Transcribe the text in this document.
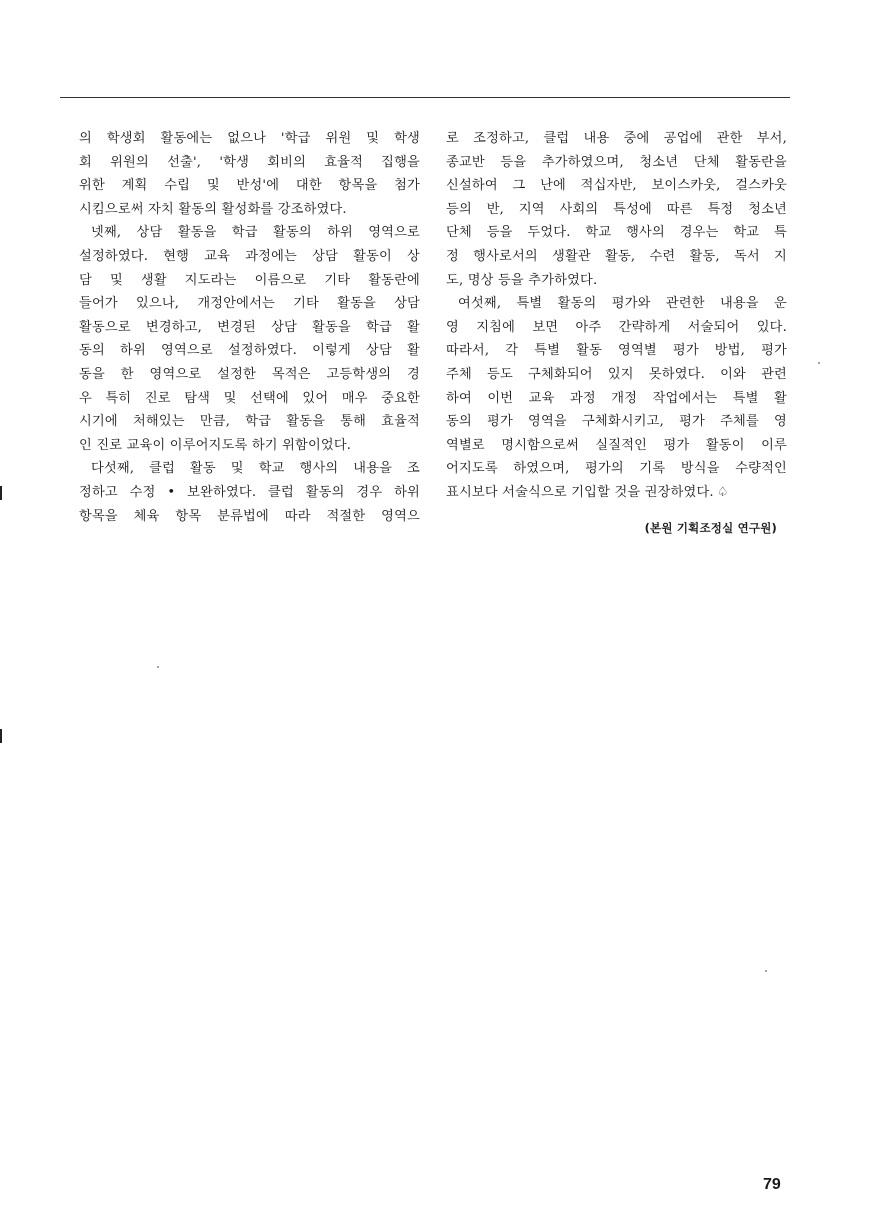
의 학생회 활동에는 없으나 '학급 위원 및 학생
회 위원의 선출', '학생 회비의 효율적 집행을
위한 계획 수립 및 반성'에 대한 항목을 첨가
시킴으로써 자치 활동의 활성화를 강조하였다.
넷째, 상담 활동을 학급 활동의 하위 영역으로
설정하였다. 현행 교육 과정에는 상담 활동이 상
담 및 생활 지도라는 이름으로 기타 활동란에
들어가 있으나, 개정안에서는 기타 활동을 상담
활동으로 변경하고, 변경된 상담 활동을 학급 활
동의 하위 영역으로 설정하였다. 이렇게 상담 활
동을 한 영역으로 설정한 목적은 고등학생의 경
우 특히 진로 탐색 및 선택에 있어 매우 중요한
시기에 처해있는 만큼, 학급 활동을 통해 효율적
인 진로 교육이 이루어지도록 하기 위함이었다.
다섯째, 클럽 활동 및 학교 행사의 내용을 조
정하고 수정 • 보완하였다. 클럽 활동의 경우 하위
항목을 체육 항목 분류법에 따라 적절한 영역으
로 조정하고, 클럽 내용 중에 공업에 관한 부서,
종교반 등을 추가하였으며, 청소년 단체 활동란을
신설하여 그 난에 적십자반, 보이스카웃, 걸스카웃
등의 반, 지역 사회의 특성에 따른 특정 청소년
단체 등을 두었다. 학교 행사의 경우는 학교 특
정 행사로서의 생활관 활동, 수련 활동, 독서 지
도, 명상 등을 추가하였다.
여섯째, 특별 활동의 평가와 관련한 내용을 운
영 지침에 보면 아주 간략하게 서술되어 있다.
따라서, 각 특별 활동 영역별 평가 방법, 평가
주체 등도 구체화되어 있지 못하였다. 이와 관련
하여 이번 교육 과정 개정 작업에서는 특별 활
동의 평가 영역을 구체화시키고, 평가 주체를 영
역별로 명시함으로써 실질적인 평가 활동이 이루
어지도록 하였으며, 평가의 기록 방식을 수량적인
표시보다 서술식으로 기입할 것을 권장하였다. ♤
(본원 기획조정실 연구원)
79
